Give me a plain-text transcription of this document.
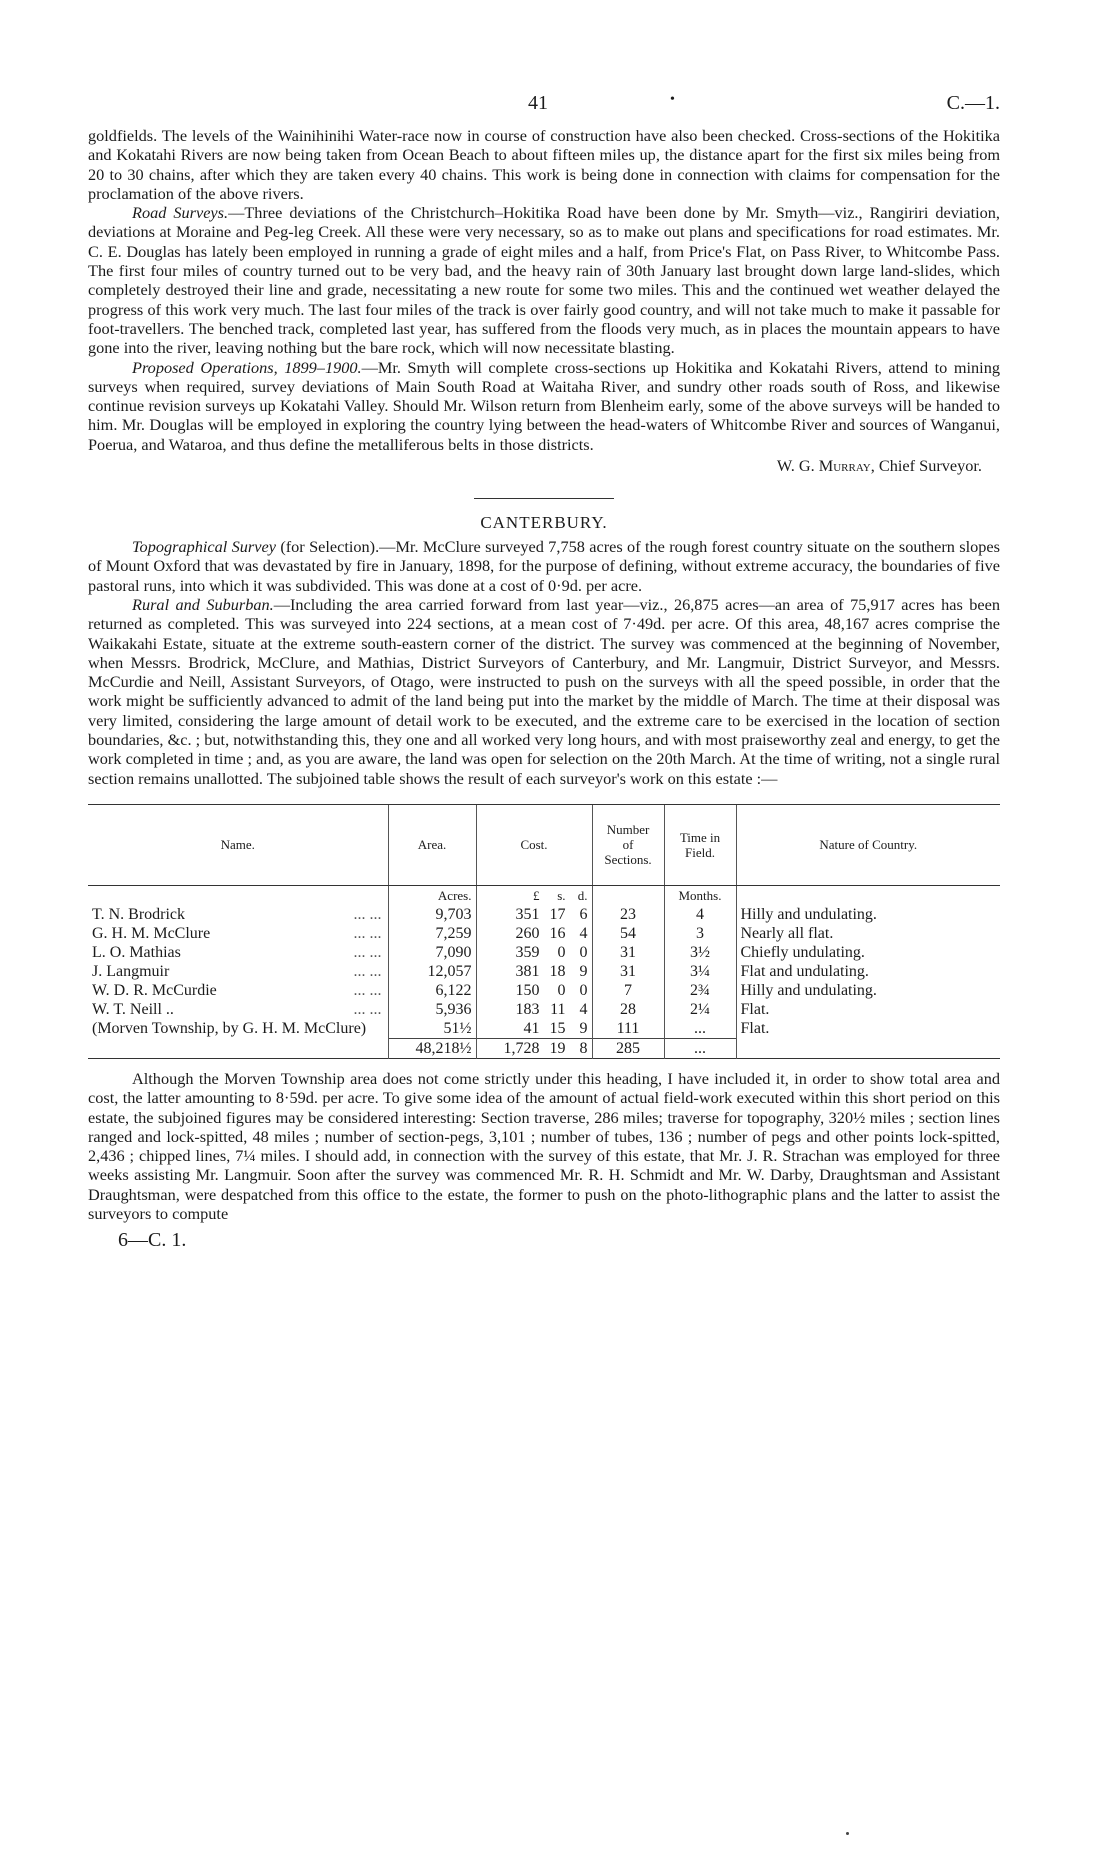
41	•	C.—1.

goldfields. The levels of the Wainihinihi Water-race now in course of construction have also been checked. Cross-sections of the Hokitika and Kokatahi Rivers are now being taken from Ocean Beach to about fifteen miles up, the distance apart for the first six miles being from 20 to 30 chains, after which they are taken every 40 chains. This work is being done in connection with claims for compensation for the proclamation of the above rivers.

Road Surveys.—Three deviations of the Christchurch–Hokitika Road have been done by Mr. Smyth—viz., Rangiriri deviation, deviations at Moraine and Peg-leg Creek. All these were very necessary, so as to make out plans and specifications for road estimates. Mr. C. E. Douglas has lately been employed in running a grade of eight miles and a half, from Price's Flat, on Pass River, to Whitcombe Pass. The first four miles of country turned out to be very bad, and the heavy rain of 30th January last brought down large land-slides, which completely destroyed their line and grade, necessitating a new route for some two miles. This and the continued wet weather delayed the progress of this work very much. The last four miles of the track is over fairly good country, and will not take much to make it passable for foot-travellers. The benched track, completed last year, has suffered from the floods very much, as in places the mountain appears to have gone into the river, leaving nothing but the bare rock, which will now necessitate blasting.

Proposed Operations, 1899–1900.—Mr. Smyth will complete cross-sections up Hokitika and Kokatahi Rivers, attend to mining surveys when required, survey deviations of Main South Road at Waitaha River, and sundry other roads south of Ross, and likewise continue revision surveys up Kokatahi Valley. Should Mr. Wilson return from Blenheim early, some of the above surveys will be handed to him. Mr. Douglas will be employed in exploring the country lying between the head-waters of Whitcombe River and sources of Wanganui, Poerua, and Wataroa, and thus define the metalliferous belts in those districts.

W. G. Murray, Chief Surveyor.
CANTERBURY.

Topographical Survey (for Selection).—Mr. McClure surveyed 7,758 acres of the rough forest country situate on the southern slopes of Mount Oxford that was devastated by fire in January, 1898, for the purpose of defining, without extreme accuracy, the boundaries of five pastoral runs, into which it was subdivided. This was done at a cost of 0·9d. per acre.

Rural and Suburban.—Including the area carried forward from last year—viz., 26,875 acres—an area of 75,917 acres has been returned as completed. This was surveyed into 224 sections, at a mean cost of 7·49d. per acre. Of this area, 48,167 acres comprise the Waikakahi Estate, situate at the extreme south-eastern corner of the district. The survey was commenced at the beginning of November, when Messrs. Brodrick, McClure, and Mathias, District Surveyors of Canterbury, and Mr. Langmuir, District Surveyor, and Messrs. McCurdie and Neill, Assistant Surveyors, of Otago, were instructed to push on the surveys with all the speed possible, in order that the work might be sufficiently advanced to admit of the land being put into the market by the middle of March. The time at their disposal was very limited, considering the large amount of detail work to be executed, and the extreme care to be exercised in the location of section boundaries, &c. ; but, notwithstanding this, they one and all worked very long hours, and with most praiseworthy zeal and energy, to get the work completed in time ; and, as you are aware, the land was open for selection on the 20th March. At the time of writing, not a single rural section remains unallotted. The subjoined table shows the result of each surveyor's work on this estate :—

Name.	Area.	Cost.	Number
of
Sections.	Time in
Field.	Nature of Country.
	Acres.	£ s. d.		Months.	
T. N. Brodrick ... ...	9,703	351 17 6	23	4	Hilly and undulating.
G. H. M. McClure ... ...	7,259	260 16 4	54	3	Nearly all flat.
L. O. Mathias ... ...	7,090	359 0 0	31	3½	Chiefly undulating.
J. Langmuir ... ...	12,057	381 18 9	31	3¼	Flat and undulating.
W. D. R. McCurdie ... ...	6,122	150 0 0	7	2¾	Hilly and undulating.
W. T. Neill .. ... ...	5,936	183 11 4	28	2¼	Flat.
(Morven Township, by G. H. M. McClure)	51½	41 15 9	111	...	Flat.
	48,218½	1,728 19 8	285	...	

Although the Morven Township area does not come strictly under this heading, I have included it, in order to show total area and cost, the latter amounting to 8·59d. per acre. To give some idea of the amount of actual field-work executed within this short period on this estate, the subjoined figures may be considered interesting: Section traverse, 286 miles; traverse for topography, 320½ miles ; section lines ranged and lock-spitted, 48 miles ; number of section-pegs, 3,101 ; number of tubes, 136 ; number of pegs and other points lock-spitted, 2,436 ; chipped lines, 7¼ miles. I should add, in connection with the survey of this estate, that Mr. J. R. Strachan was employed for three weeks assisting Mr. Langmuir. Soon after the survey was commenced Mr. R. H. Schmidt and Mr. W. Darby, Draughtsman and Assistant Draughtsman, were despatched from this office to the estate, the former to push on the photo-lithographic plans and the latter to assist the surveyors to compute

6—C. 1.
